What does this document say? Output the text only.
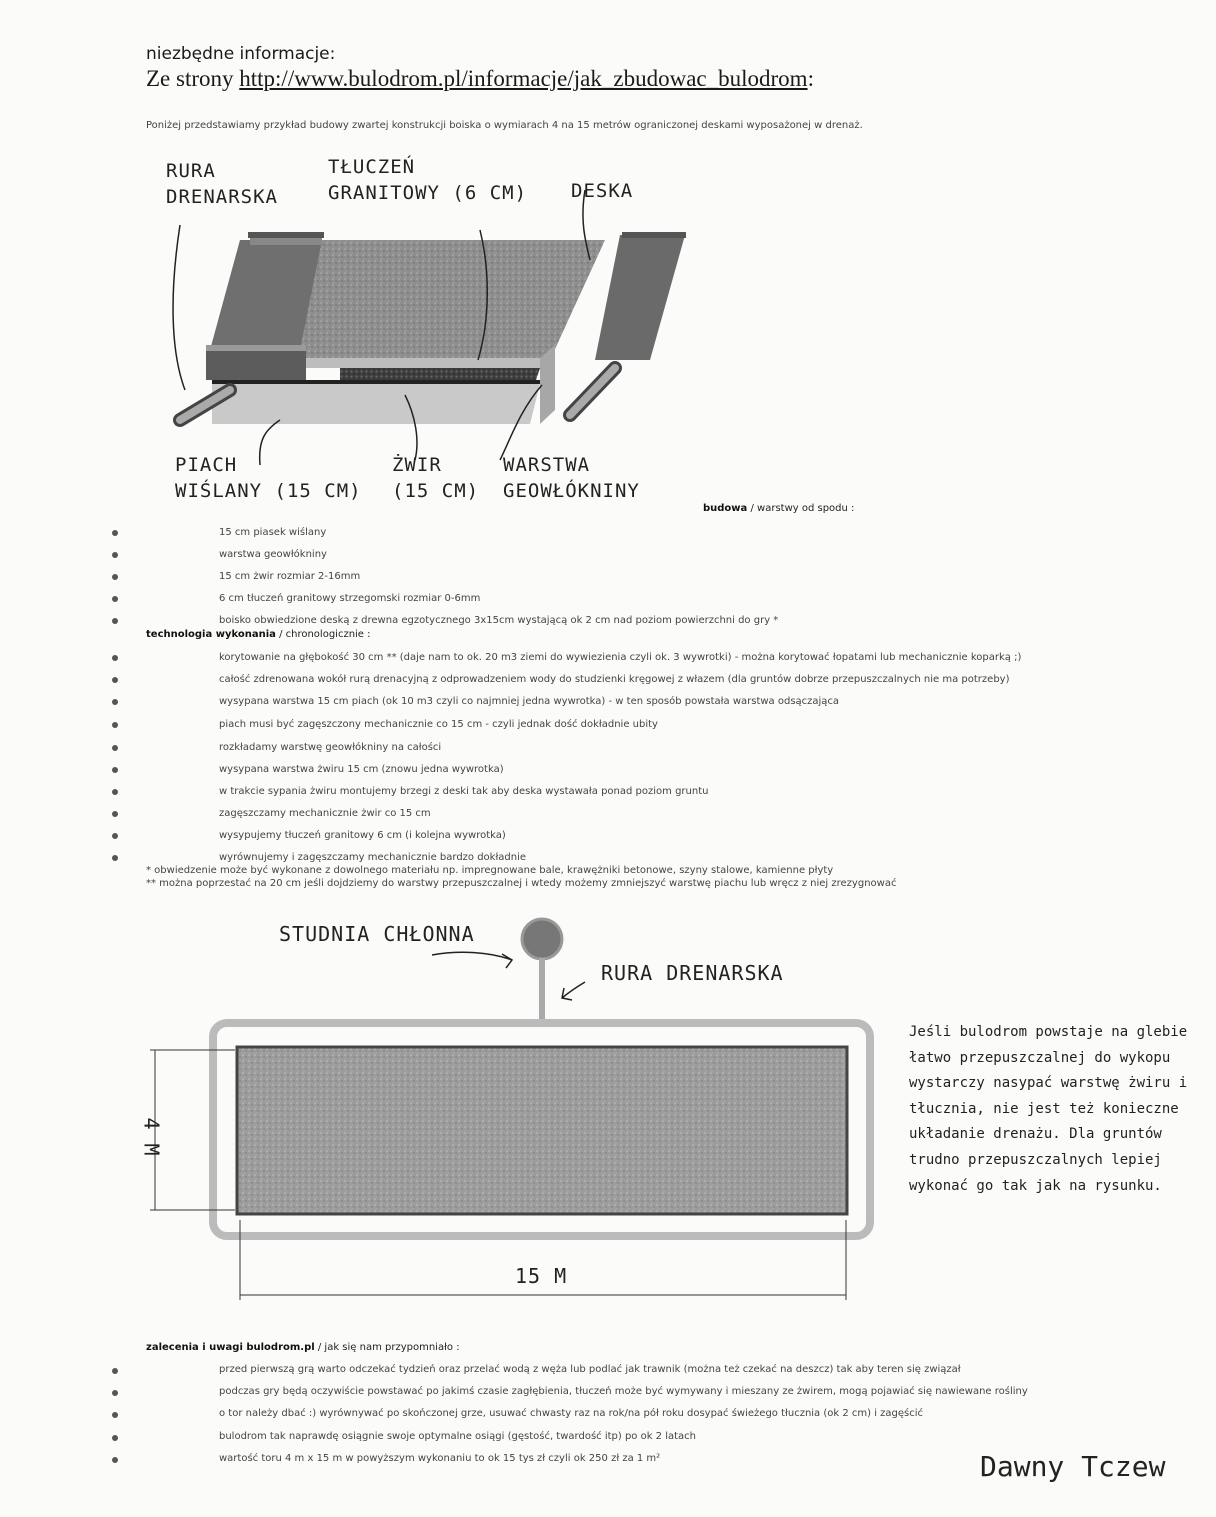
niezbędne informacje:
Ze strony http://www.bulodrom.pl/informacje/jak_zbudowac_bulodrom:
Poniżej przedstawiamy przykład budowy zwartej konstrukcji boiska o wymiarach 4 na 15 metrów ograniczonej deskami wyposażonej w drenaż.
RURA
DRENARSKA
TŁUCZEŃ
GRANITOWY (6 CM) DESKA
PIACH
WIŚLANY (15 CM)
ŻWIR
(15 CM)
WARSTWA
GEOWŁÓKNINY
budowa / warstwy od spodu :
15 cm piasek wiślany
warstwa geowłókniny
15 cm żwir rozmiar 2-16mm
6 cm tłuczeń granitowy strzegomski rozmiar 0-6mm
boisko obwiedzione deską z drewna egzotycznego 3x15cm wystającą ok 2 cm nad poziom powierzchni do gry *
technologia wykonania / chronologicznie :
korytowanie na głębokość 30 cm ** (daje nam to ok. 20 m3 ziemi do wywiezienia czyli ok. 3 wywrotki) - można korytować łopatami lub mechanicznie koparką ;)
całość zdrenowana wokół rurą drenacyjną z odprowadzeniem wody do studzienki kręgowej z włazem (dla gruntów dobrze przepuszczalnych nie ma potrzeby)
wysypana warstwa 15 cm piach (ok 10 m3 czyli co najmniej jedna wywrotka) - w ten sposób powstała warstwa odsączająca
piach musi być zagęszczony mechanicznie co 15 cm - czyli jednak dość dokładnie ubity
rozkładamy warstwę geowłókniny na całości
wysypana warstwa żwiru 15 cm (znowu jedna wywrotka)
w trakcie sypania żwiru montujemy brzegi z deski tak aby deska wystawała ponad poziom gruntu
zagęszczamy mechanicznie żwir co 15 cm
wysypujemy tłuczeń granitowy 6 cm (i kolejna wywrotka)
wyrównujemy i zagęszczamy mechanicznie bardzo dokładnie
* obwiedzenie może być wykonane z dowolnego materiału np. impregnowane bale, krawężniki betonowe, szyny stalowe, kamienne płyty
** można poprzestać na 20 cm jeśli dojdziemy do warstwy przepuszczalnej i wtedy możemy zmniejszyć warstwę piachu lub wręcz z niej zrezygnować
STUDNIA CHŁONNA
RURA DRENARSKA
4 M
15 M
Jeśli bulodrom powstaje na glebie łatwo przepuszczalnej do wykopu wystarczy nasypać warstwę żwiru i tłucznia, nie jest też konieczne układanie drenażu. Dla gruntów trudno przepuszczalnych lepiej wykonać go tak jak na rysunku.
zalecenia i uwagi bulodrom.pl / jak się nam przypomniało :
przed pierwszą grą warto odczekać tydzień oraz przelać wodą z węża lub podlać jak trawnik (można też czekać na deszcz) tak aby teren się związał
podczas gry będą oczywiście powstawać po jakimś czasie zagłębienia, tłuczeń może być wymywany i mieszany ze żwirem, mogą pojawiać się nawiewane rośliny
o tor należy dbać :) wyrównywać po skończonej grze, usuwać chwasty raz na rok/na pół roku dosypać świeżego tłucznia (ok 2 cm) i zagęścić
bulodrom tak naprawdę osiągnie swoje optymalne osiągi (gęstość, twardość itp) po ok 2 latach
wartość toru 4 m x 15 m w powyższym wykonaniu to ok 15 tys zł czyli ok 250 zł za 1 m²	Dawny Tczew
